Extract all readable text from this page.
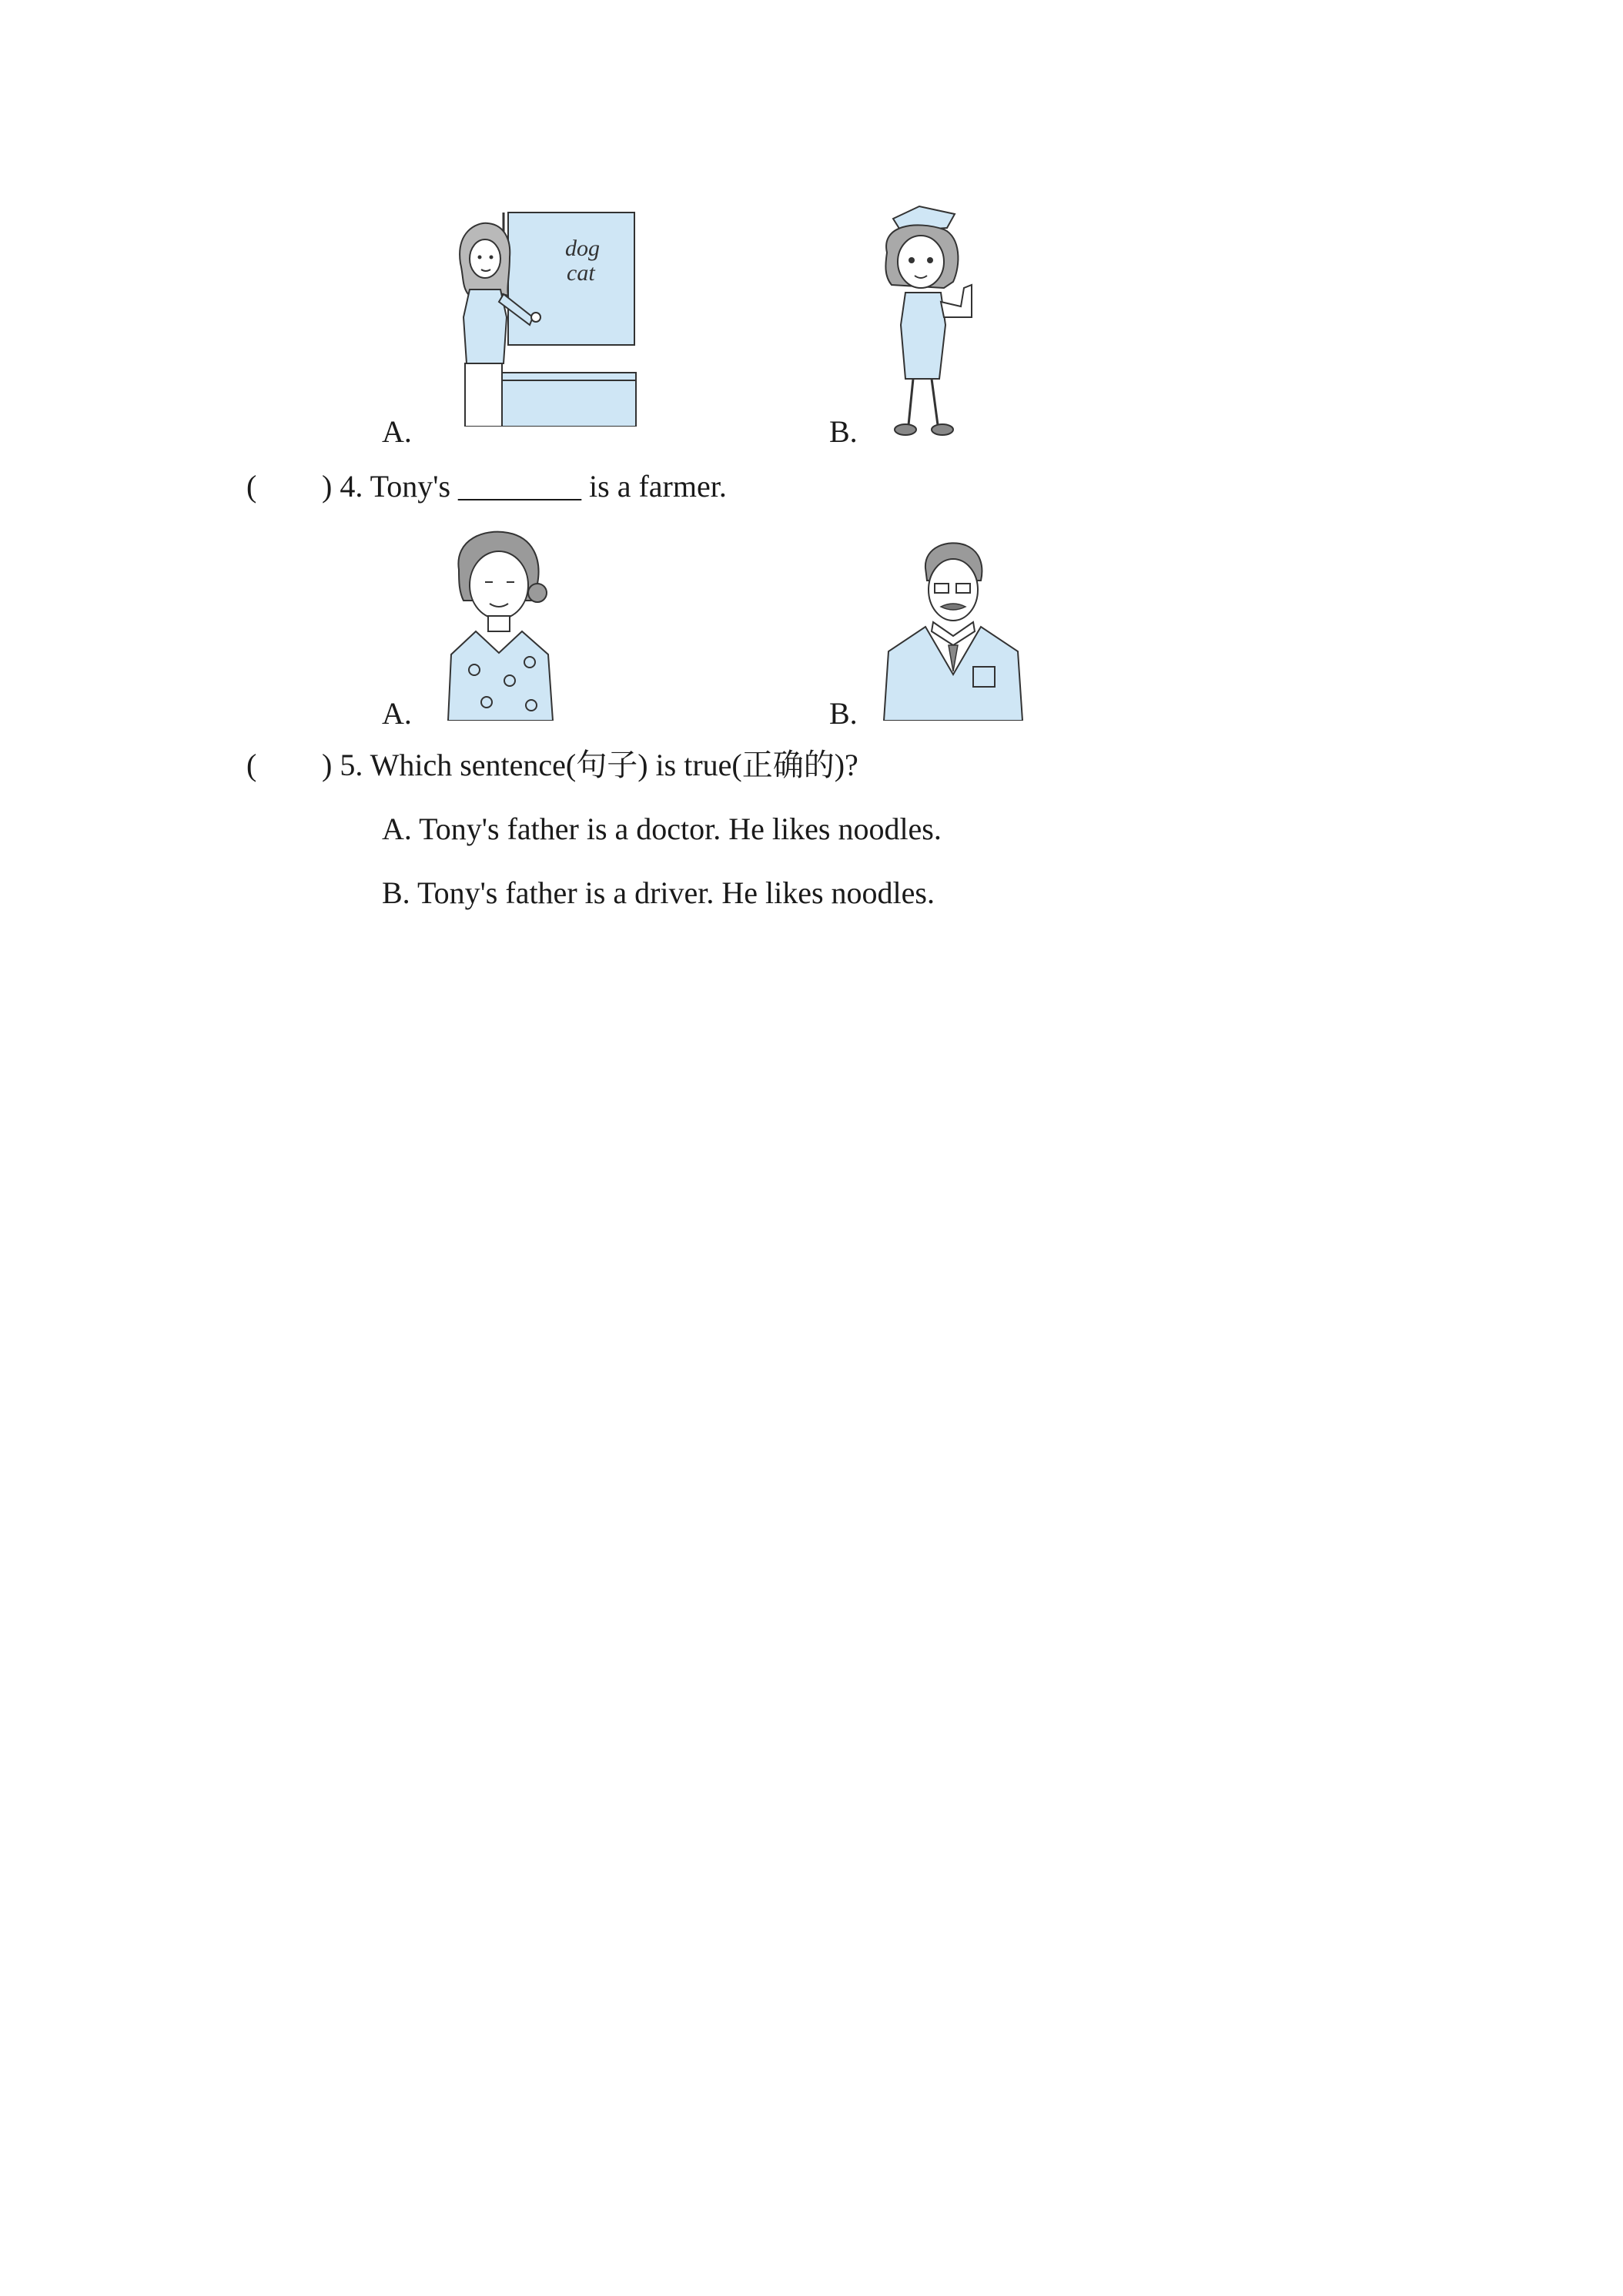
dog
cat
A.	B.
( ) 4. Tony's ________ is a farmer.
A.	B.
( ) 5. Which sentence(句子) is true(正确的)?
A. Tony's father is a doctor. He likes noodles.
B. Tony's father is a driver. He likes noodles.
